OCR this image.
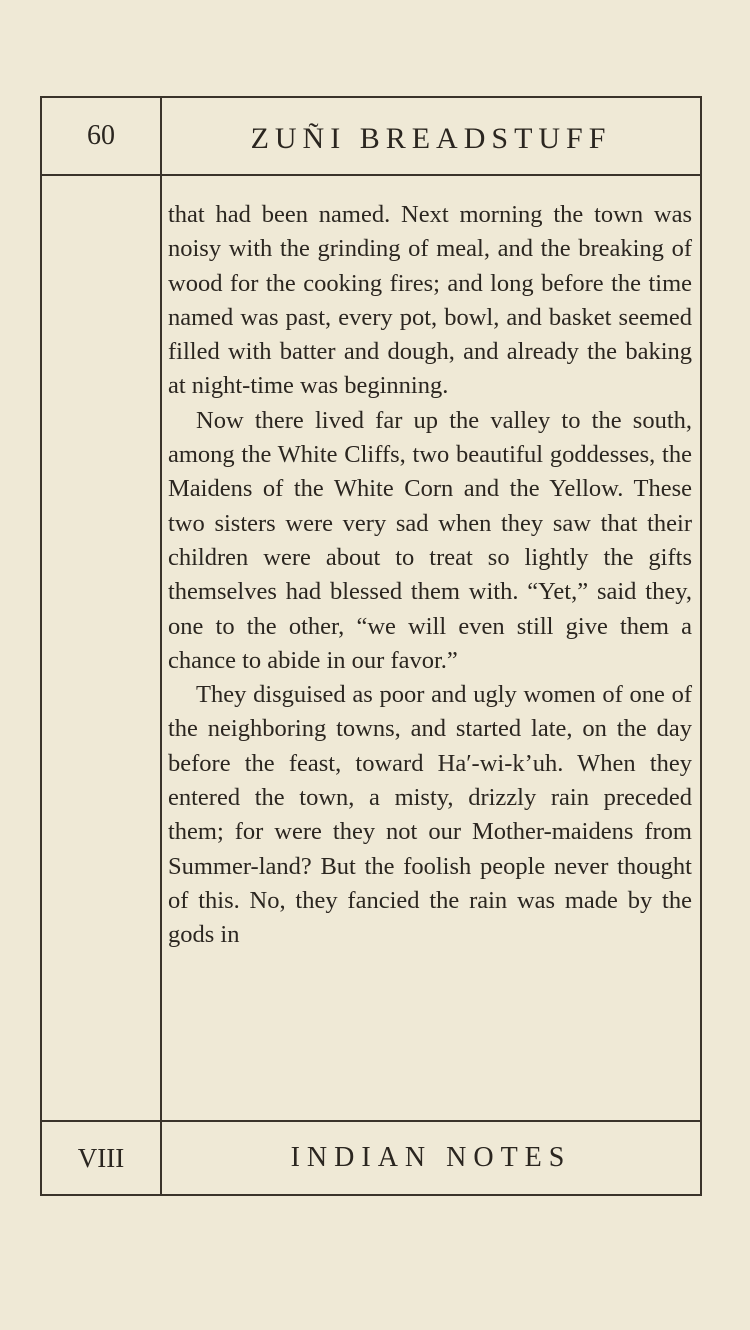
60	ZUÑI BREADSTUFF

that had been named. Next morning the town was noisy with the grinding of meal, and the breaking of wood for the cooking fires; and long before the time named was past, every pot, bowl, and basket seemed filled with batter and dough, and already the baking at night-time was beginning.

Now there lived far up the valley to the south, among the White Cliffs, two beautiful goddesses, the Maidens of the White Corn and the Yellow. These two sisters were very sad when they saw that their children were about to treat so lightly the gifts themselves had blessed them with. “Yet,” said they, one to the other, “we will even still give them a chance to abide in our favor.”

They disguised as poor and ugly women of one of the neighboring towns, and started late, on the day before the feast, toward Ha′-wi-k’uh. When they entered the town, a misty, drizzly rain preceded them; for were they not our Mother-maidens from Summer-land? But the foolish people never thought of this. No, they fancied the rain was made by the gods in

VIII	INDIAN NOTES
